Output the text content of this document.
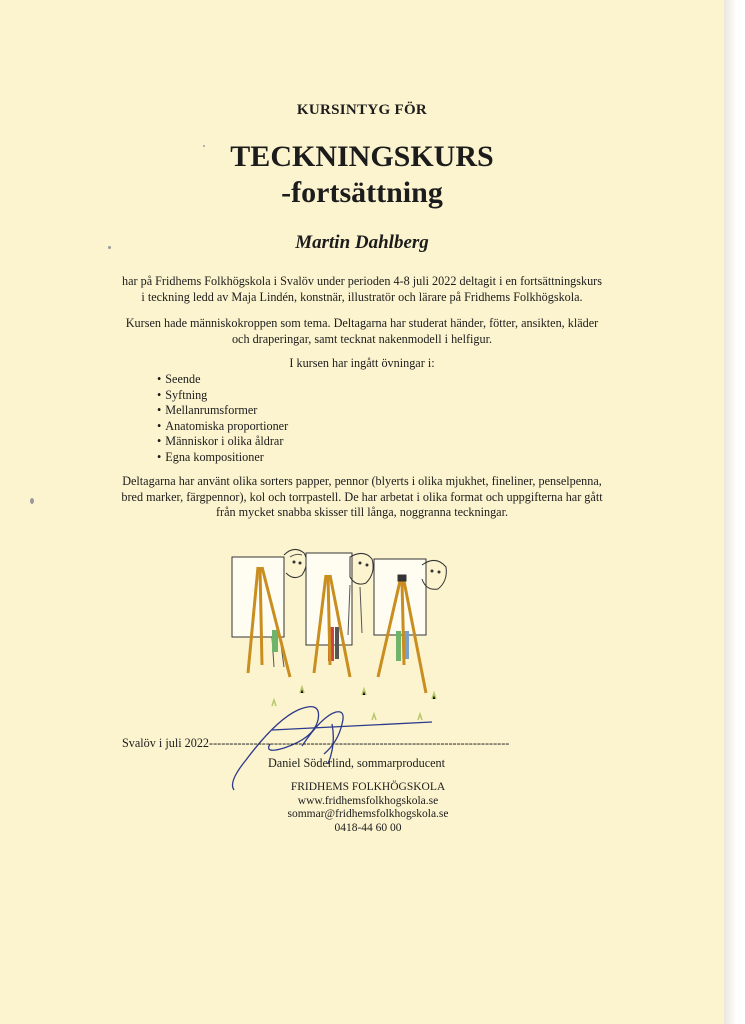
KURSINTYG FÖR
TECKNINGSKURS
-fortsättning
Martin Dahlberg
har på Fridhems Folkhögskola i Svalöv under perioden 4-8 juli 2022 deltagit i en fortsättningskurs
i teckning ledd av Maja Lindén, konstnär, illustratör och lärare på Fridhems Folkhögskola.
Kursen hade människokroppen som tema. Deltagarna har studerat händer, fötter, ansikten, kläder
och draperingar, samt tecknat nakenmodell i helfigur.
I kursen har ingått övningar i:
• Seende
• Syftning
• Mellanrumsformer
• Anatomiska proportioner
• Människor i olika åldrar
• Egna kompositioner
Deltagarna har använt olika sorters papper, pennor (blyerts i olika mjukhet, fineliner, penselpenna,
bred marker, färgpennor), kol och torrpastell. De har arbetat i olika format och uppgifterna har gått
från mycket snabba skisser till långa, noggranna teckningar.
Svalöv i juli 2022--------------------------------------------------------------------------
Daniel Söderlind, sommarproducent
FRIDHEMS FOLKHÖGSKOLA
www.fridhemsfolkhogskola.se
sommar@fridhemsfolkhogskola.se
0418-44 60 00
